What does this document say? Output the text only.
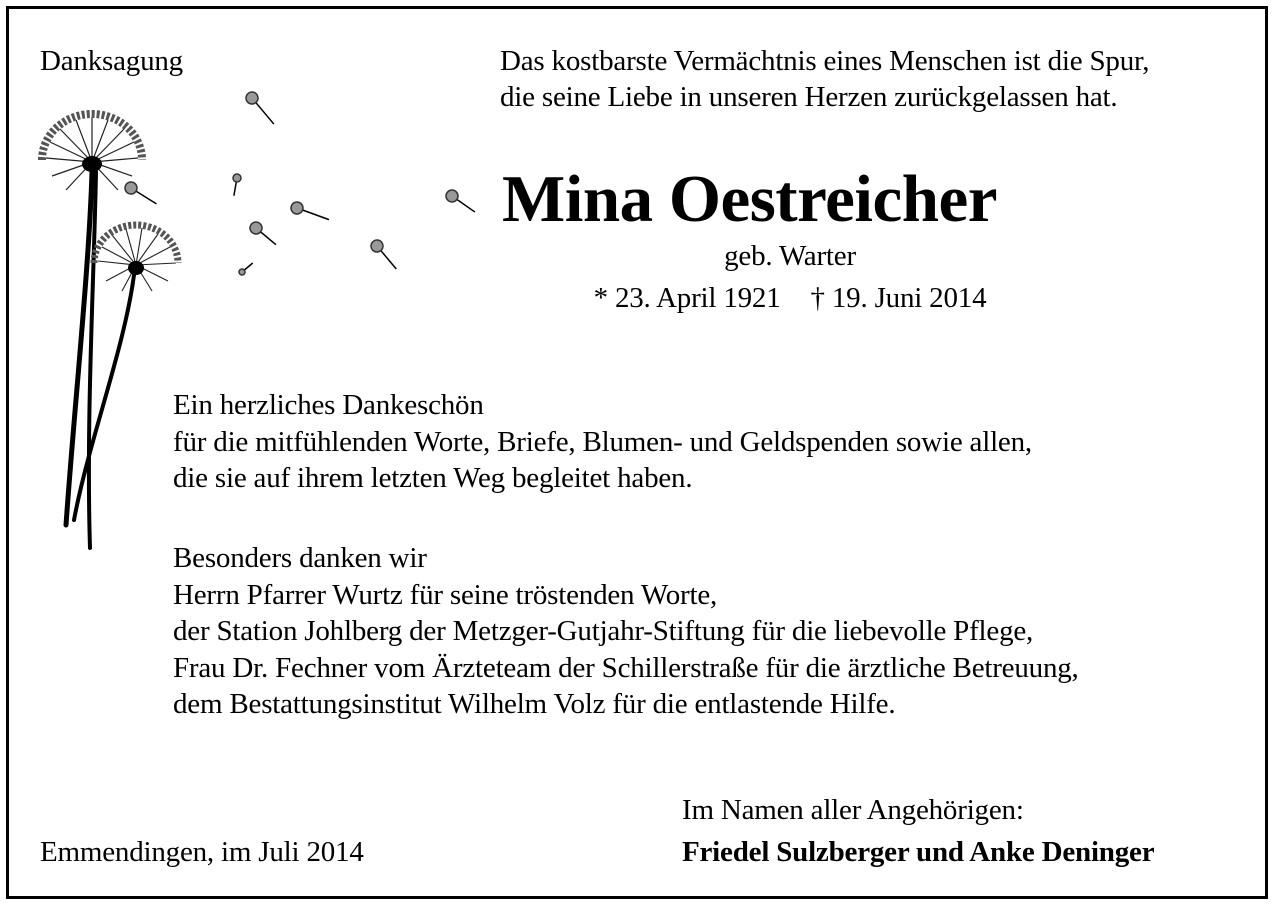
Danksagung	Das kostbarste Vermächtnis eines Menschen ist die Spur,
die seine Liebe in unseren Herzen zurückgelassen hat.
Mina Oestreicher

geb. Warter

* 23. April 1921 † 19. Juni 2014

Ein herzliches Dankeschön
für die mitfühlenden Worte, Briefe, Blumen- und Geldspenden sowie allen,
die sie auf ihrem letzten Weg begleitet haben.
Besonders danken wir
Herrn Pfarrer Wurtz für seine tröstenden Worte,
der Station Johlberg der Metzger-Gutjahr-Stiftung für die liebevolle Pflege,
Frau Dr. Fechner vom Ärzteteam der Schillerstraße für die ärztliche Betreuung,
dem Bestattungsinstitut Wilhelm Volz für die entlastende Hilfe.

Emmendingen, im Juli 2014

Im Namen aller Angehörigen:

Friedel Sulzberger und Anke Deninger
